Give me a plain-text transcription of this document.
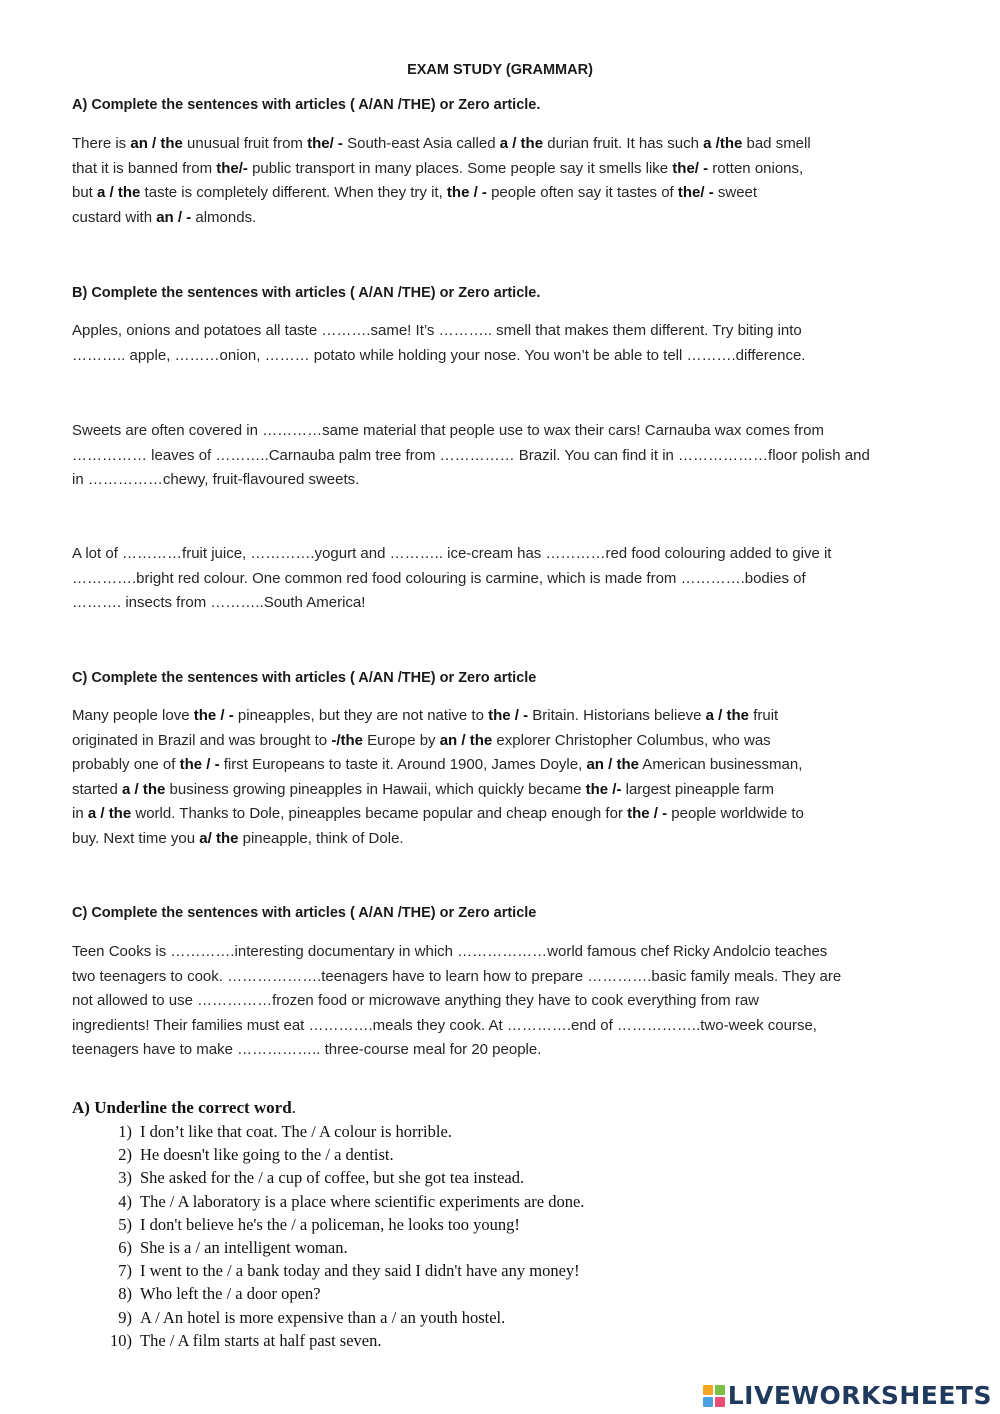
EXAM STUDY (GRAMMAR)
A) Complete the sentences with articles ( A/AN /THE) or Zero article.

There is an / the unusual fruit from the/ - South-east Asia called a / the durian fruit. It has such a /the bad smell

that it is banned from the/- public transport in many places. Some people say it smells like the/ - rotten onions,

but a / the taste is completely different. When they try it, the / - people often say it tastes of the/ - sweet

custard with an / - almonds.

B) Complete the sentences with articles ( A/AN /THE) or Zero article.

Apples, onions and potatoes all taste ……….same! It’s ……….. smell that makes them different. Try biting into

……….. apple, ………onion, ……… potato while holding your nose. You won’t be able to tell ……….difference.

Sweets are often covered in …………same material that people use to wax their cars! Carnauba wax comes from

…………… leaves of ………..Carnauba palm tree from …………… Brazil. You can find it in ………………floor polish and

in ……………chewy, fruit-flavoured sweets.

A lot of …………fruit juice, ………….yogurt and ……….. ice-cream has …………red food colouring added to give it

………….bright red colour. One common red food colouring is carmine, which is made from ………….bodies of

………. insects from ………..South America!

C) Complete the sentences with articles ( A/AN /THE) or Zero article

Many people love the / - pineapples, but they are not native to the / - Britain. Historians believe a / the fruit

originated in Brazil and was brought to -/the Europe by an / the explorer Christopher Columbus, who was

probably one of the / - first Europeans to taste it. Around 1900, James Doyle, an / the American businessman,

started a / the business growing pineapples in Hawaii, which quickly became the /- largest pineapple farm

in a / the world. Thanks to Dole, pineapples became popular and cheap enough for the / - people worldwide to

buy. Next time you a/ the pineapple, think of Dole.

C) Complete the sentences with articles ( A/AN /THE) or Zero article

Teen Cooks is ………….interesting documentary in which ………………world famous chef Ricky Andolcio teaches

two teenagers to cook. ……………….teenagers have to learn how to prepare ………….basic family meals. They are

not allowed to use ……………frozen food or microwave anything they have to cook everything from raw

ingredients! Their families must eat ………….meals they cook. At ………….end of ……………..two-week course,

teenagers have to make …………….. three-course meal for 20 people.

A) Underline the correct word.
1) I don’t like that coat. The / A colour is horrible.
2) He doesn't like going to the / a dentist.
3) She asked for the / a cup of coffee, but she got tea instead.
4) The / A laboratory is a place where scientific experiments are done.
5) I don't believe he's the / a policeman, he looks too young!
6) She is a / an intelligent woman.
7) I went to the / a bank today and they said I didn't have any money!
8) Who left the / a door open?
9) A / An hotel is more expensive than a / an youth hostel.
10) The / A film starts at half past seven.
LIVEWORKSHEETS
